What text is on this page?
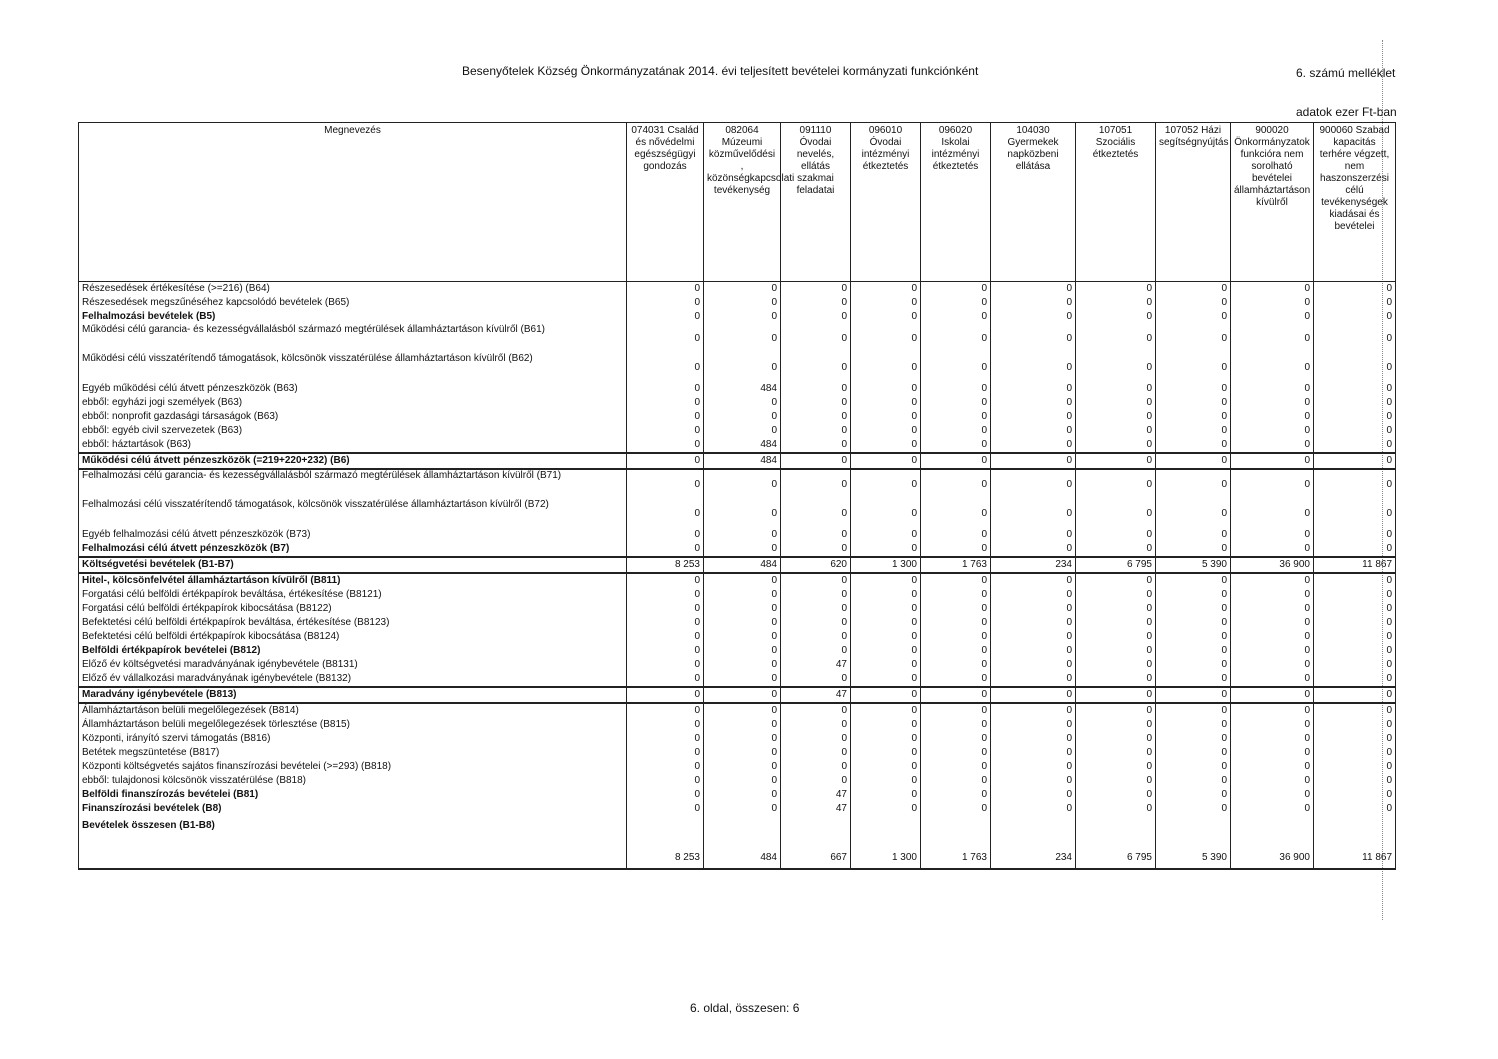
Besenyőtelek Község Önkormányzatának 2014. évi teljesített bevételei kormányzati funkciónként	6. számú melléklet
adatok ezer Ft-ban
Megnevezés	074031 Család és nővédelmi egészségügyi gondozás	082064 Múzeumi közművelődési , közönségkapcsolati tevékenység	091110 Óvodai nevelés, ellátás szakmai feladatai	096010 Óvodai intézményi étkeztetés	096020 Iskolai intézményi étkeztetés	104030 Gyermekek napközbeni ellátása	107051 Szociális étkeztetés	107052 Házi segítségnyújtás	900020 Önkormányzatok funkcióra nem sorolható bevételei államháztartáson kívülről	900060 Szabad kapacitás terhére végzett, nem haszonszerzési célú tevékenységek kiadásai és bevételei
Részesedések értékesítése (>=216) (B64)	0	0	0	0	0	0	0	0	0	0
Részesedések megszűnéséhez kapcsolódó bevételek (B65)	0	0	0	0	0	0	0	0	0	0
Felhalmozási bevételek (B5)	0	0	0	0	0	0	0	0	0	0
Működési célú garancia- és kezességvállalásból származó megtérülések államháztartáson kívülről (B61)	0	0	0	0	0	0	0	0	0	0
Működési célú visszatérítendő támogatások, kölcsönök visszatérülése államháztartáson kívülről (B62)	0	0	0	0	0	0	0	0	0	0
Egyéb működési célú átvett pénzeszközök (B63)	0	484	0	0	0	0	0	0	0	0
ebből: egyházi jogi személyek (B63)	0	0	0	0	0	0	0	0	0	0
ebből: nonprofit gazdasági társaságok (B63)	0	0	0	0	0	0	0	0	0	0
ebből: egyéb civil szervezetek (B63)	0	0	0	0	0	0	0	0	0	0
ebből: háztartások (B63)	0	484	0	0	0	0	0	0	0	0
Működési célú átvett pénzeszközök (=219+220+232) (B6)	0	484	0	0	0	0	0	0	0	0
Felhalmozási célú garancia- és kezességvállalásból származó megtérülések államháztartáson kívülről (B71)	0	0	0	0	0	0	0	0	0	0
Felhalmozási célú visszatérítendő támogatások, kölcsönök visszatérülése államháztartáson kívülről (B72)	0	0	0	0	0	0	0	0	0	0
Egyéb felhalmozási célú átvett pénzeszközök (B73)	0	0	0	0	0	0	0	0	0	0
Felhalmozási célú átvett pénzeszközök (B7)	0	0	0	0	0	0	0	0	0	0
Költségvetési bevételek (B1-B7)	8 253	484	620	1 300	1 763	234	6 795	5 390	36 900	11 867
Hitel-, kölcsönfelvétel államháztartáson kívülről (B811)	0	0	0	0	0	0	0	0	0	0
Forgatási célú belföldi értékpapírok beváltása, értékesítése (B8121)	0	0	0	0	0	0	0	0	0	0
Forgatási célú belföldi értékpapírok kibocsátása (B8122)	0	0	0	0	0	0	0	0	0	0
Befektetési célú belföldi értékpapírok beváltása, értékesítése (B8123)	0	0	0	0	0	0	0	0	0	0
Befektetési célú belföldi értékpapírok kibocsátása (B8124)	0	0	0	0	0	0	0	0	0	0
Belföldi értékpapírok bevételei (B812)	0	0	0	0	0	0	0	0	0	0
Előző év költségvetési maradványának igénybevétele (B8131)	0	0	47	0	0	0	0	0	0	0
Előző év vállalkozási maradványának igénybevétele (B8132)	0	0	0	0	0	0	0	0	0	0
Maradvány igénybevétele (B813)	0	0	47	0	0	0	0	0	0	0
Államháztartáson belüli megelőlegezések (B814)	0	0	0	0	0	0	0	0	0	0
Államháztartáson belüli megelőlegezések törlesztése (B815)	0	0	0	0	0	0	0	0	0	0
Központi, irányító szervi támogatás (B816)	0	0	0	0	0	0	0	0	0	0
Betétek megszüntetése (B817)	0	0	0	0	0	0	0	0	0	0
Központi költségvetés sajátos finanszírozási bevételei (>=293) (B818)	0	0	0	0	0	0	0	0	0	0
ebből: tulajdonosi kölcsönök visszatérülése (B818)	0	0	0	0	0	0	0	0	0	0
Belföldi finanszírozás bevételei (B81)	0	0	47	0	0	0	0	0	0	0
Finanszírozási bevételek (B8)	0	0	47	0	0	0	0	0	0	0
Bevételek összesen (B1-B8)	8 253	484	667	1 300	1 763	234	6 795	5 390	36 900	11 867
6. oldal, összesen: 6
